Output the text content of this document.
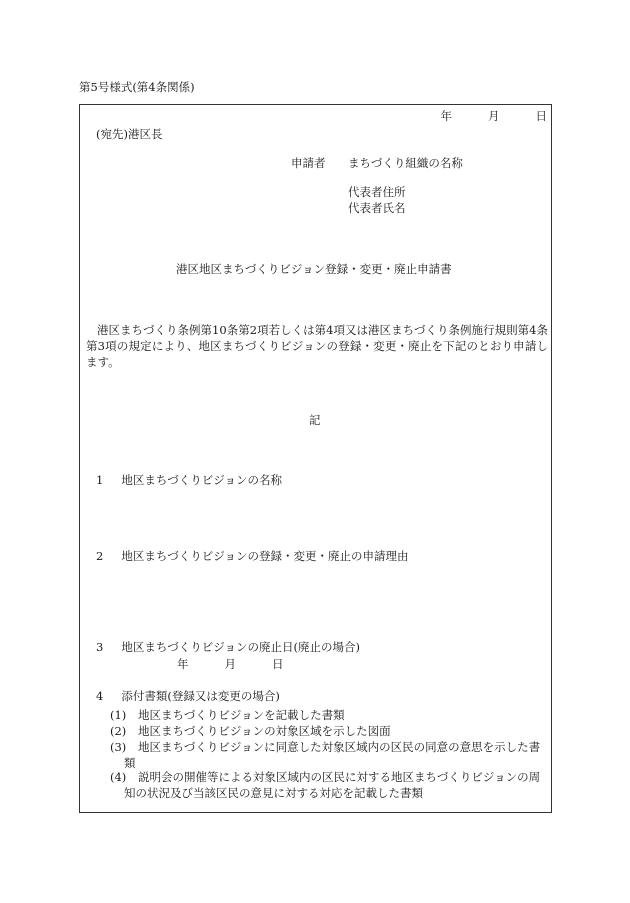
第5号様式(第4条関係)
年	月	日
(宛先)港区長
申請者 まちづくり組織の名称
代表者住所
代表者氏名
港区地区まちづくりビジョン登録・変更・廃止申請書
港区まちづくり条例第10条第2項若しくは第4項又は港区まちづくり条例施行規則第4条第3項の規定により、地区まちづくりビジョンの登録・変更・廃止を下記のとおり申請します。
記
1 地区まちづくりビジョンの名称
2 地区まちづくりビジョンの登録・変更・廃止の申請理由
3 地区まちづくりビジョンの廃止日(廃止の場合)
年	月	日
4 添付書類(登録又は変更の場合)
(1) 地区まちづくりビジョンを記載した書類
(2) 地区まちづくりビジョンの対象区域を示した図面
(3) 地区まちづくりビジョンに同意した対象区域内の区民の同意の意思を示した書
類
(4) 説明会の開催等による対象区域内の区民に対する地区まちづくりビジョンの周
知の状況及び当該区民の意見に対する対応を記載した書類
